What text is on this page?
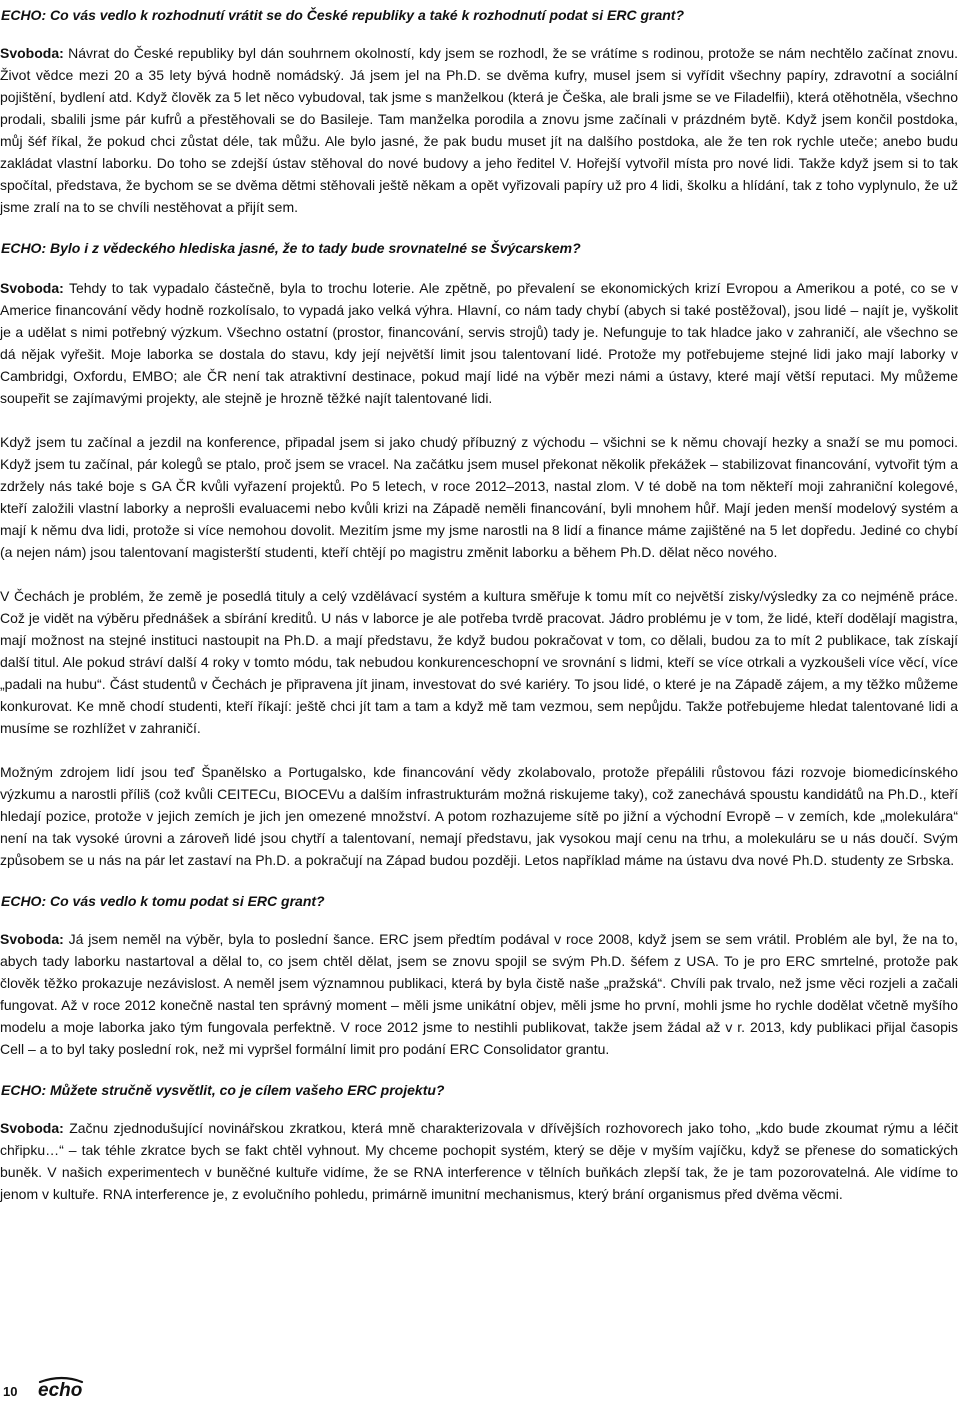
ECHO: Co vás vedlo k rozhodnutí vrátit se do České republiky a také k rozhodnutí podat si ERC grant?

Svoboda: Návrat do České republiky byl dán souhrnem okolností, kdy jsem se rozhodl, že se vrátíme s rodinou, protože se nám nechtělo začínat znovu. Život vědce mezi 20 a 35 lety bývá hodně nomádský. Já jsem jel na Ph.D. se dvěma kufry, musel jsem si vyřídit všechny papíry, zdravotní a sociální pojištění, bydlení atd. Když člověk za 5 let něco vybudoval, tak jsme s manželkou (která je Češka, ale brali jsme se ve Filadelfii), která otěhotněla, všechno prodali, sbalili jsme pár kufrů a přestěhovali se do Basileje. Tam manželka porodila a znovu jsme začínali v prázdném bytě. Když jsem končil postdoka, můj šéf říkal, že pokud chci zůstat déle, tak můžu. Ale bylo jasné, že pak budu muset jít na dalšího postdoka, ale že ten rok rychle uteče; anebo budu zakládat vlastní laborku. Do toho se zdejší ústav stěhoval do nové budovy a jeho ředitel V. Hořejší vytvořil místa pro nové lidi. Takže když jsem si to tak spočítal, představa, že bychom se se dvěma dětmi stěhovali ještě někam a opět vyřizovali papíry už pro 4 lidi, školku a hlídání, tak z toho vyplynulo, že už jsme zralí na to se chvíli nestěhovat a přijít sem.

ECHO: Bylo i z vědeckého hlediska jasné, že to tady bude srovnatelné se Švýcarskem?

Svoboda: Tehdy to tak vypadalo částečně, byla to trochu loterie. Ale zpětně, po převalení se ekonomických krizí Evropou a Amerikou a poté, co se v Americe financování vědy hodně rozkolísalo, to vypadá jako velká výhra. Hlavní, co nám tady chybí (abych si také postěžoval), jsou lidé – najít je, vyškolit je a udělat s nimi potřebný výzkum. Všechno ostatní (prostor, financování, servis strojů) tady je. Nefunguje to tak hladce jako v zahraničí, ale všechno se dá nějak vyřešit. Moje laborka se dostala do stavu, kdy její největší limit jsou talentovaní lidé. Protože my potřebujeme stejné lidi jako mají laborky v Cambridgi, Oxfordu, EMBO; ale ČR není tak atraktivní destinace, pokud mají lidé na výběr mezi námi a ústavy, které mají větší reputaci. My můžeme soupeřit se zajímavými projekty, ale stejně je hrozně těžké najít talentované lidi.

Když jsem tu začínal a jezdil na konference, připadal jsem si jako chudý příbuzný z východu – všichni se k němu chovají hezky a snaží se mu pomoci. Když jsem tu začínal, pár kolegů se ptalo, proč jsem se vracel. Na začátku jsem musel překonat několik překážek – stabilizovat financování, vytvořit tým a zdržely nás také boje s GA ČR kvůli vyřazení projektů. Po 5 letech, v roce 2012–2013, nastal zlom. V té době na tom někteří moji zahraniční kolegové, kteří založili vlastní laborky a neprošli evaluacemi nebo kvůli krizi na Západě neměli financování, byli mnohem hůř. Mají jeden menší modelový systém a mají k němu dva lidi, protože si více nemohou dovolit. Mezitím jsme my jsme narostli na 8 lidí a finance máme zajištěné na 5 let dopředu. Jediné co chybí (a nejen nám) jsou talentovaní magisterští studenti, kteří chtějí po magistru změnit laborku a během Ph.D. dělat něco nového.

V Čechách je problém, že země je posedlá tituly a celý vzdělávací systém a kultura směřuje k tomu mít co největší zisky/výsledky za co nejméně práce. Což je vidět na výběru přednášek a sbírání kreditů. U nás v laborce je ale potřeba tvrdě pracovat. Jádro problému je v tom, že lidé, kteří dodělají magistra, mají možnost na stejné instituci nastoupit na Ph.D. a mají představu, že když budou pokračovat v tom, co dělali, budou za to mít 2 publikace, tak získají další titul. Ale pokud stráví další 4 roky v tomto módu, tak nebudou konkurenceschopní ve srovnání s lidmi, kteří se více otrkali a vyzkoušeli více věcí, více „padali na hubu“. Část studentů v Čechách je připravena jít jinam, investovat do své kariéry. To jsou lidé, o které je na Západě zájem, a my těžko můžeme konkurovat. Ke mně chodí studenti, kteří říkají: ještě chci jít tam a tam a když mě tam vezmou, sem nepůjdu. Takže potřebujeme hledat talentované lidi a musíme se rozhlížet v zahraničí.

Možným zdrojem lidí jsou teď Španělsko a Portugalsko, kde financování vědy zkolabovalo, protože přepálili růstovou fázi rozvoje biomedicínského výzkumu a narostli příliš (což kvůli CEITECu, BIOCEVu a dalším infrastrukturám možná riskujeme taky), což zanechává spoustu kandidátů na Ph.D., kteří hledají pozice, protože v jejich zemích je jich jen omezené množství. A potom rozhazujeme sítě po jižní a východní Evropě – v zemích, kde „molekulára“ není na tak vysoké úrovni a zároveň lidé jsou chytří a talentovaní, nemají představu, jak vysokou mají cenu na trhu, a molekuláru se u nás doučí. Svým způsobem se u nás na pár let zastaví na Ph.D. a pokračují na Západ budou později. Letos například máme na ústavu dva nové Ph.D. studenty ze Srbska.

ECHO: Co vás vedlo k tomu podat si ERC grant?

Svoboda: Já jsem neměl na výběr, byla to poslední šance. ERC jsem předtím podával v roce 2008, když jsem se sem vrátil. Problém ale byl, že na to, abych tady laborku nastartoval a dělal to, co jsem chtěl dělat, jsem se znovu spojil se svým Ph.D. šéfem z USA. To je pro ERC smrtelné, protože pak člověk těžko prokazuje nezávislost. A neměl jsem významnou publikaci, která by byla čistě naše „pražská“. Chvíli pak trvalo, než jsme věci rozjeli a začali fungovat. Až v roce 2012 konečně nastal ten správný moment – měli jsme unikátní objev, měli jsme ho první, mohli jsme ho rychle dodělat včetně myšího modelu a moje laborka jako tým fungovala perfektně. V roce 2012 jsme to nestihli publikovat, takže jsem žádal až v r. 2013, kdy publikaci přijal časopis Cell – a to byl taky poslední rok, než mi vypršel formální limit pro podání ERC Consolidator grantu.

ECHO: Můžete stručně vysvětlit, co je cílem vašeho ERC projektu?

Svoboda: Začnu zjednodušující novinářskou zkratkou, která mně charakterizovala v dřívějších rozhovorech jako toho, „kdo bude zkoumat rýmu a léčit chřipku…“ – tak téhle zkratce bych se fakt chtěl vyhnout. My chceme pochopit systém, který se děje v myším vajíčku, když se přenese do somatických buněk. V našich experimentech v buněčné kultuře vidíme, že se RNA interference v tělních buňkách zlepší tak, že je tam pozorovatelná. Ale vidíme to jenom v kultuře. RNA interference je, z evolučního pohledu, primárně imunitní mechanismus, který brání organismus před dvěma věcmi.

10 echo
